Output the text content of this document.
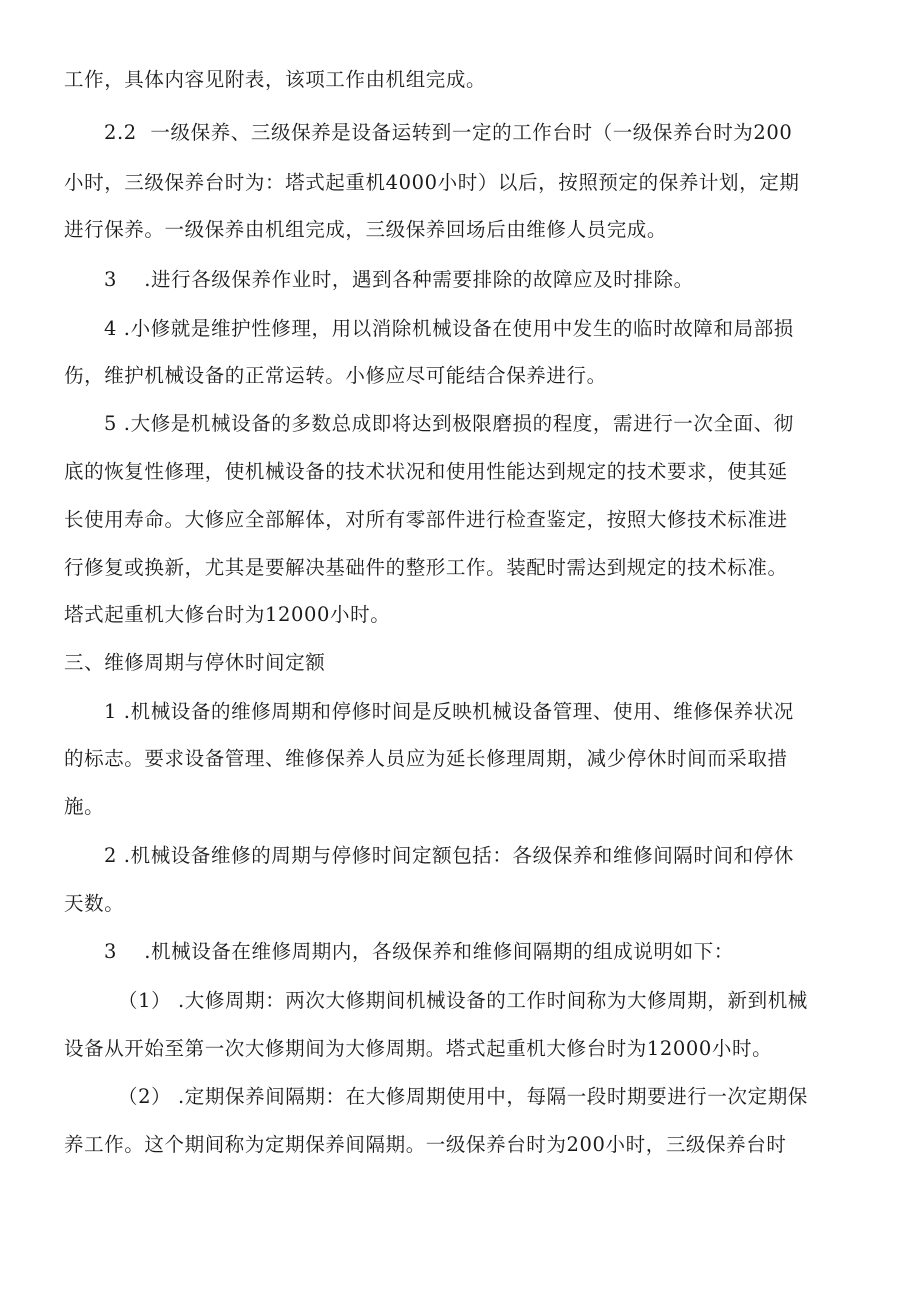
工作，具体内容见附表，该项工作由机组完成。
2.2  一级保养、三级保养是设备运转到一定的工作台时（一级保养台时为200
小时，三级保养台时为：塔式起重机4000小时）以后，按照预定的保养计划，定期
进行保养。一级保养由机组完成，三级保养回场后由维修人员完成。
3    .进行各级保养作业时，遇到各种需要排除的故障应及时排除。
4 .小修就是维护性修理，用以消除机械设备在使用中发生的临时故障和局部损
伤，维护机械设备的正常运转。小修应尽可能结合保养进行。
5 .大修是机械设备的多数总成即将达到极限磨损的程度，需进行一次全面、彻
底的恢复性修理，使机械设备的技术状况和使用性能达到规定的技术要求，使其延
长使用寿命。大修应全部解体，对所有零部件进行检查鉴定，按照大修技术标准进
行修复或换新，尤其是要解决基础件的整形工作。装配时需达到规定的技术标准。
塔式起重机大修台时为12000小时。
三、维修周期与停休时间定额
1 .机械设备的维修周期和停修时间是反映机械设备管理、使用、维修保养状况
的标志。要求设备管理、维修保养人员应为延长修理周期，减少停休时间而采取措
施。
2 .机械设备维修的周期与停修时间定额包括：各级保养和维修间隔时间和停休
天数。
3    .机械设备在维修周期内，各级保养和维修间隔期的组成说明如下：
（1） .大修周期：两次大修期间机械设备的工作时间称为大修周期，新到机械
设备从开始至第一次大修期间为大修周期。塔式起重机大修台时为12000小时。
（2） .定期保养间隔期：在大修周期使用中，每隔一段时期要进行一次定期保
养工作。这个期间称为定期保养间隔期。一级保养台时为200小时，三级保养台时
